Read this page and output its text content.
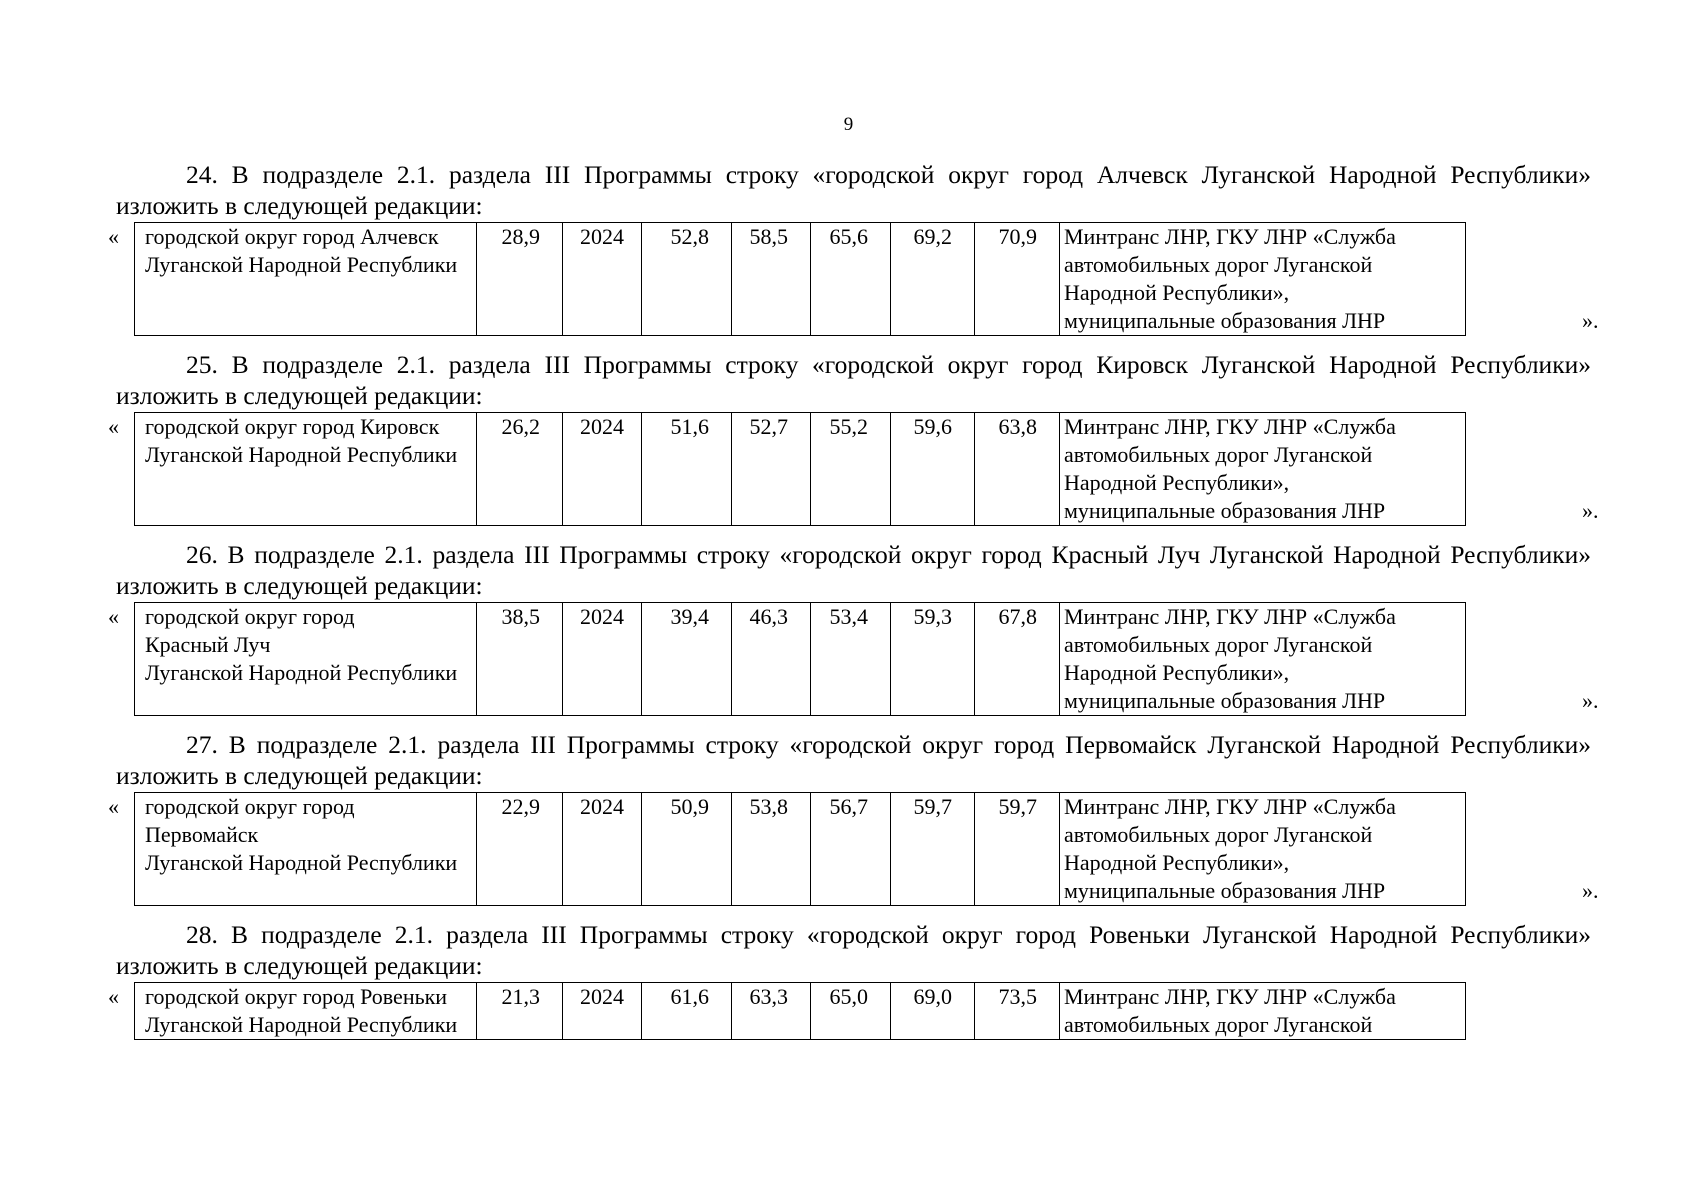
9
24. В подразделе 2.1. раздела III Программы строку «городской округ город Алчевск Луганской Народной Республики» изложить в следующей редакции:
« городской округ город Алчевск
Луганской Народной Республики	28,9	2024	52,8	58,5	65,6	69,2	70,9	Минтранс ЛНР, ГКУ ЛНР «Служба
автомобильных дорог Луганской
Народной Республики»,
муниципальные образования ЛНР	».
25. В подразделе 2.1. раздела III Программы строку «городской округ город Кировск Луганской Народной Республики» изложить в следующей редакции:
« городской округ город Кировск
Луганской Народной Республики	26,2	2024	51,6	52,7	55,2	59,6	63,8	Минтранс ЛНР, ГКУ ЛНР «Служба
автомобильных дорог Луганской
Народной Республики»,
муниципальные образования ЛНР	».
26. В подразделе 2.1. раздела III Программы строку «городской округ город Красный Луч Луганской Народной Республики» изложить в следующей редакции:
« городской округ город
Красный Луч
Луганской Народной Республики	38,5	2024	39,4	46,3	53,4	59,3	67,8	Минтранс ЛНР, ГКУ ЛНР «Служба
автомобильных дорог Луганской
Народной Республики»,
муниципальные образования ЛНР	».
27. В подразделе 2.1. раздела III Программы строку «городской округ город Первомайск Луганской Народной Республики» изложить в следующей редакции:
« городской округ город
Первомайск
Луганской Народной Республики	22,9	2024	50,9	53,8	56,7	59,7	59,7	Минтранс ЛНР, ГКУ ЛНР «Служба
автомобильных дорог Луганской
Народной Республики»,
муниципальные образования ЛНР	».
28. В подразделе 2.1. раздела III Программы строку «городской округ город Ровеньки Луганской Народной Республики» изложить в следующей редакции:
« городской округ город Ровеньки
Луганской Народной Республики	21,3	2024	61,6	63,3	65,0	69,0	73,5	Минтранс ЛНР, ГКУ ЛНР «Служба
автомобильных дорог Луганской
